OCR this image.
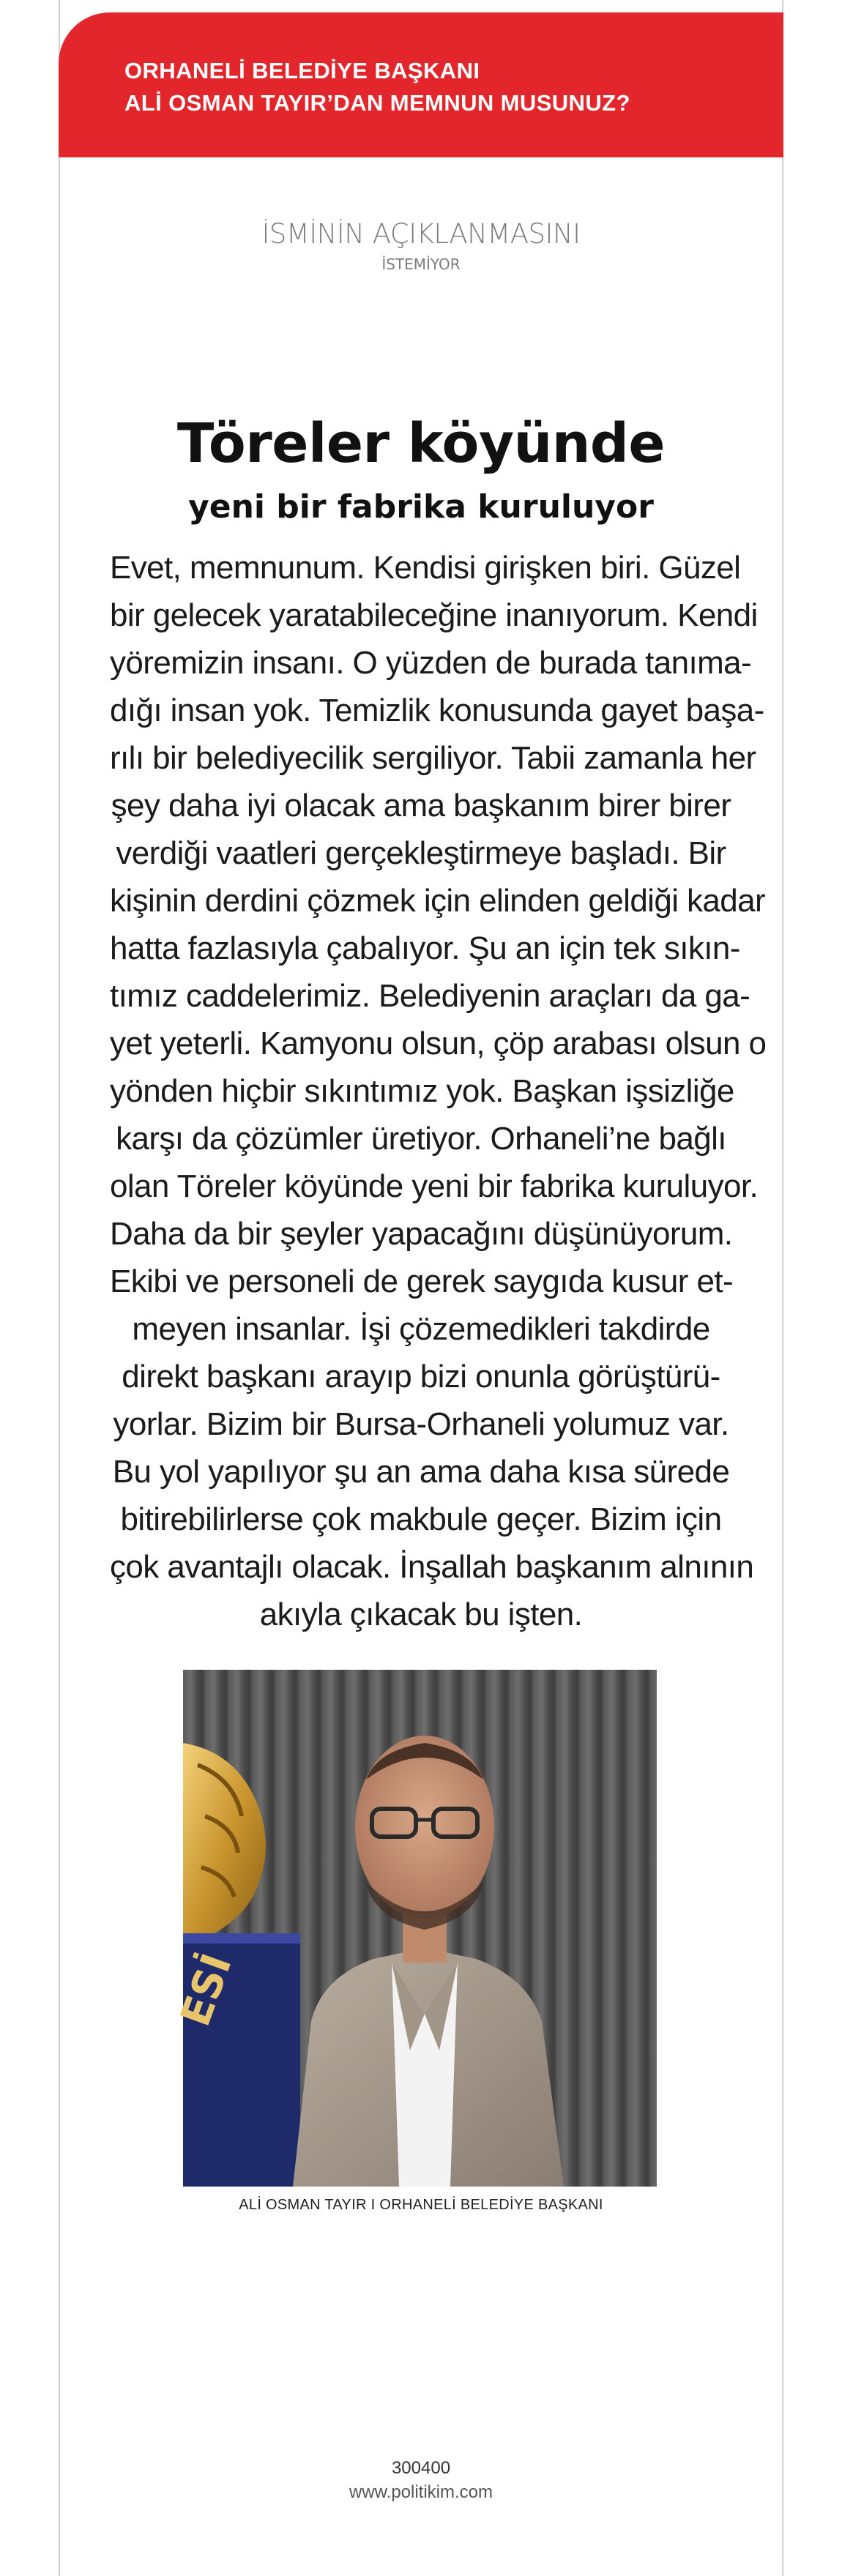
ORHANELİ BELEDİYE BAŞKANI
ALİ OSMAN TAYIR’DAN MEMNUN MUSUNUZ?
İSMİNİN AÇIKLANMASINI
İSTEMİYOR
Töreler köyünde
yeni bir fabrika kuruluyor
Evet, memnunum. Kendisi girişken biri. Güzel
bir gelecek yaratabileceğine inanıyorum. Kendi
yöremizin insanı. O yüzden de burada tanıma-
dığı insan yok. Temizlik konusunda gayet başa-
rılı bir belediyecilik sergiliyor. Tabii zamanla her
şey daha iyi olacak ama başkanım birer birer
verdiği vaatleri gerçekleştirmeye başladı. Bir
kişinin derdini çözmek için elinden geldiği kadar
hatta fazlasıyla çabalıyor. Şu an için tek sıkın-
tımız caddelerimiz. Belediyenin araçları da ga-
yet yeterli. Kamyonu olsun, çöp arabası olsun o
yönden hiçbir sıkıntımız yok. Başkan işsizliğe
karşı da çözümler üretiyor. Orhaneli’ne bağlı
olan Töreler köyünde yeni bir fabrika kuruluyor.
Daha da bir şeyler yapacağını düşünüyorum.
Ekibi ve personeli de gerek saygıda kusur et-
meyen insanlar. İşi çözemedikleri takdirde
direkt başkanı arayıp bizi onunla görüştürü-
yorlar. Bizim bir Bursa-Orhaneli yolumuz var.
Bu yol yapılıyor şu an ama daha kısa sürede
bitirebilirlerse çok makbule geçer. Bizim için
çok avantajlı olacak. İnşallah başkanım alnının
akıyla çıkacak bu işten.
ESİ
ALİ OSMAN TAYIR I ORHANELİ BELEDİYE BAŞKANI
300400
www.politikim.com
